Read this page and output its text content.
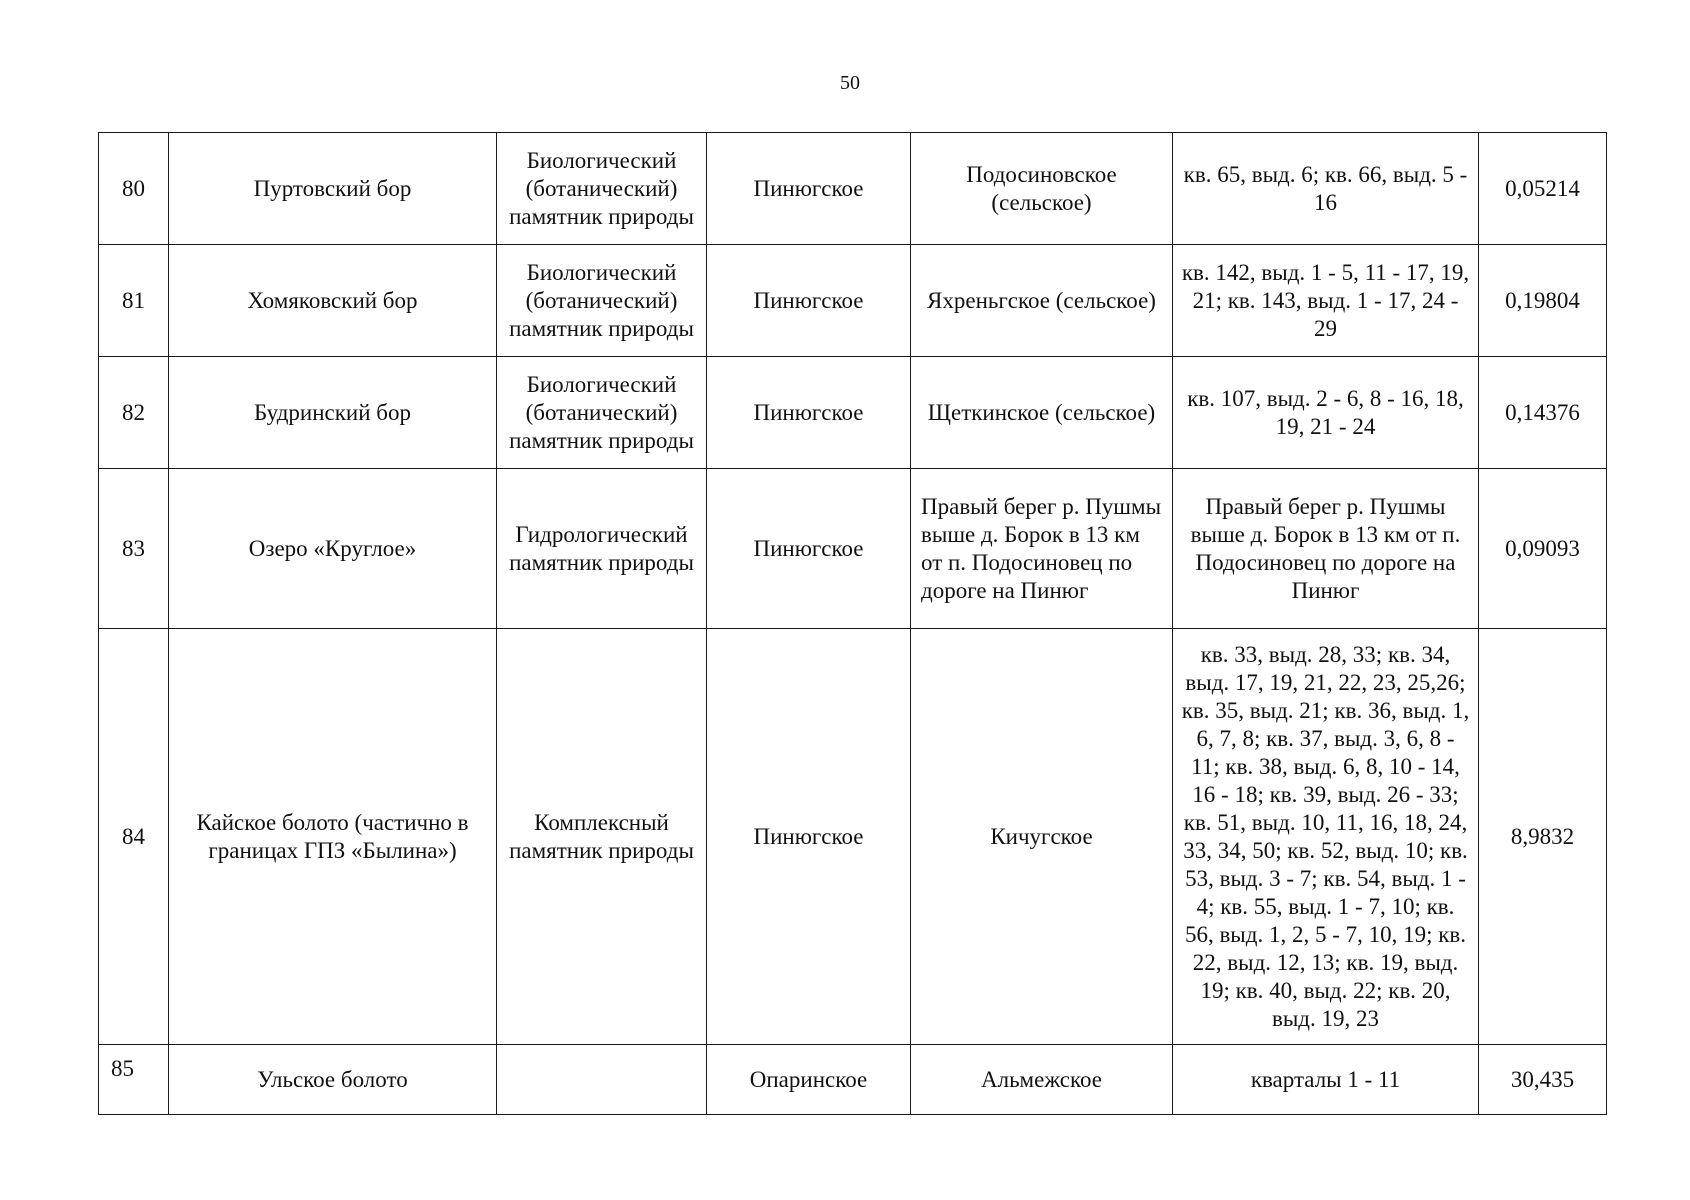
50
80	Пуртовский бор	Биологический (ботанический) памятник природы	Пинюгское	Подосиновское (сельское)	кв. 65, выд. 6; кв. 66, выд. 5 - 16	0,05214
81	Хомяковский бор	Биологический (ботанический) памятник природы	Пинюгское	Яхреньгское (сельское)	кв. 142, выд. 1 - 5, 11 - 17, 19, 21; кв. 143, выд. 1 - 17, 24 - 29	0,19804
82	Будринский бор	Биологический (ботанический) памятник природы	Пинюгское	Щеткинское (сельское)	кв. 107, выд. 2 - 6, 8 - 16, 18, 19, 21 - 24	0,14376
83	Озеро «Круглое»	Гидрологический памятник природы	Пинюгское	Правый берег р. Пушмы выше д. Борок в 13 км от п. Подосиновец по дороге на Пинюг	Правый берег р. Пушмы выше д. Борок в 13 км от п. Подосиновец по дороге на Пинюг	0,09093
84	Кайское болото (частично в границах ГПЗ «Былина»)	Комплексный памятник природы	Пинюгское	Кичугское	кв. 33, выд. 28, 33; кв. 34, выд. 17, 19, 21, 22, 23, 25,26; кв. 35, выд. 21; кв. 36, выд. 1, 6, 7, 8; кв. 37, выд. 3, 6, 8 - 11; кв. 38, выд. 6, 8, 10 - 14, 16 - 18; кв. 39, выд. 26 - 33; кв. 51, выд. 10, 11, 16, 18, 24, 33, 34, 50; кв. 52, выд. 10; кв. 53, выд. 3 - 7; кв. 54, выд. 1 - 4; кв. 55, выд. 1 - 7, 10; кв. 56, выд. 1, 2, 5 - 7, 10, 19; кв. 22, выд. 12, 13; кв. 19, выд. 19; кв. 40, выд. 22; кв. 20, выд. 19, 23	8,9832
85	Ульское болото		Опаринское	Альмежское	кварталы 1 - 11	30,435
